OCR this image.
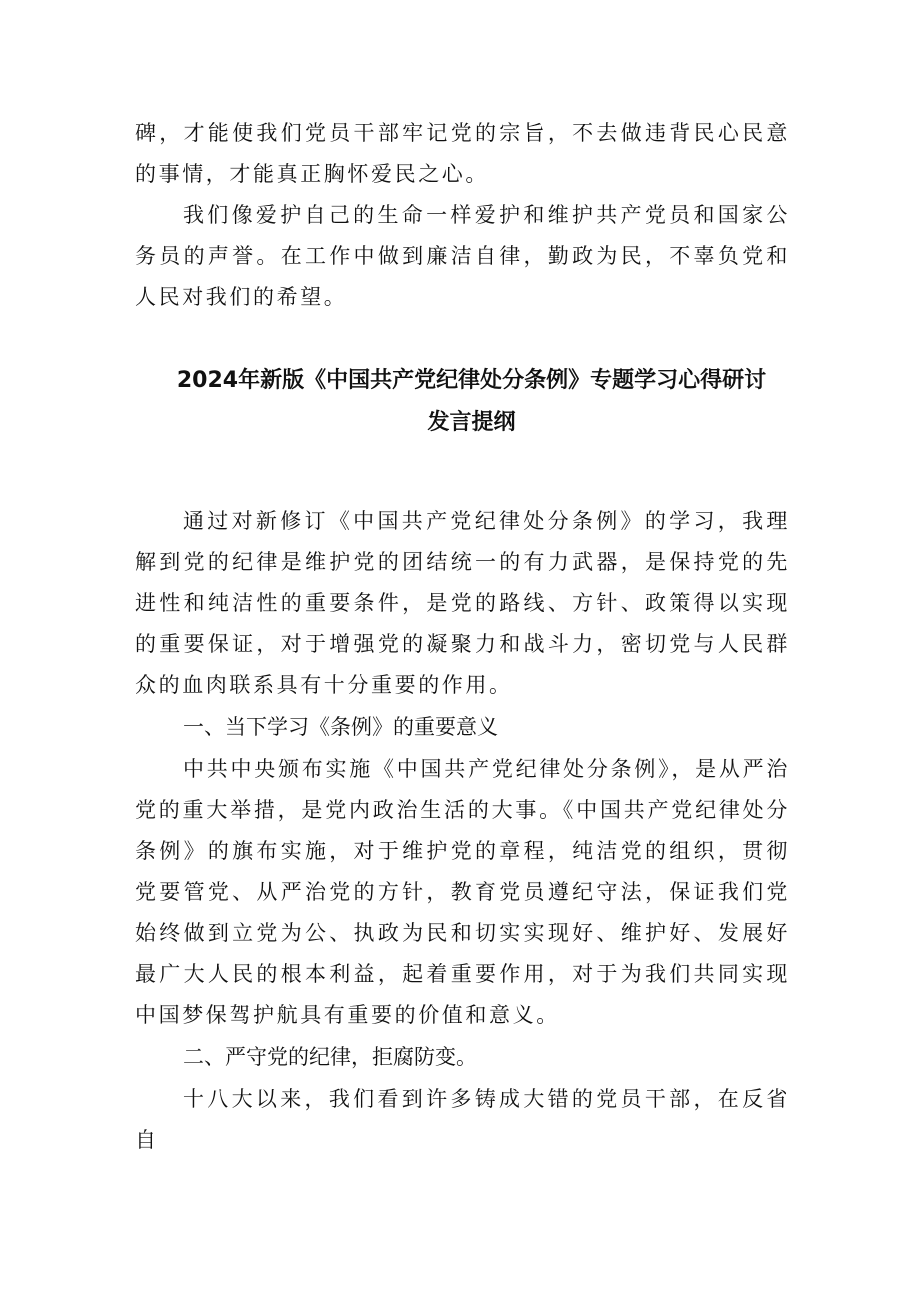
碑，才能使我们党员干部牢记党的宗旨，不去做违背民心民意的事情，才能真正胸怀爱民之心。

我们像爱护自己的生命一样爱护和维护共产党员和国家公务员的声誉。在工作中做到廉洁自律，勤政为民，不辜负党和人民对我们的希望。

2024年新版《中国共产党纪律处分条例》专题学习心得研讨

发言提纲

通过对新修订《中国共产党纪律处分条例》的学习，我理解到党的纪律是维护党的团结统一的有力武器，是保持党的先进性和纯洁性的重要条件，是党的路线、方针、政策得以实现的重要保证，对于增强党的凝聚力和战斗力，密切党与人民群众的血肉联系具有十分重要的作用。

一、当下学习《条例》的重要意义

中共中央颁布实施《中国共产党纪律处分条例》，是从严治党的重大举措，是党内政治生活的大事。《中国共产党纪律处分条例》的旗布实施，对于维护党的章程，纯洁党的组织，贯彻党要管党、从严治党的方针，教育党员遵纪守法，保证我们党始终做到立党为公、执政为民和切实实现好、维护好、发展好最广大人民的根本利益，起着重要作用，对于为我们共同实现中国梦保驾护航具有重要的价值和意义。

二、严守党的纪律，拒腐防变。

十八大以来，我们看到许多铸成大错的党员干部，在反省自
